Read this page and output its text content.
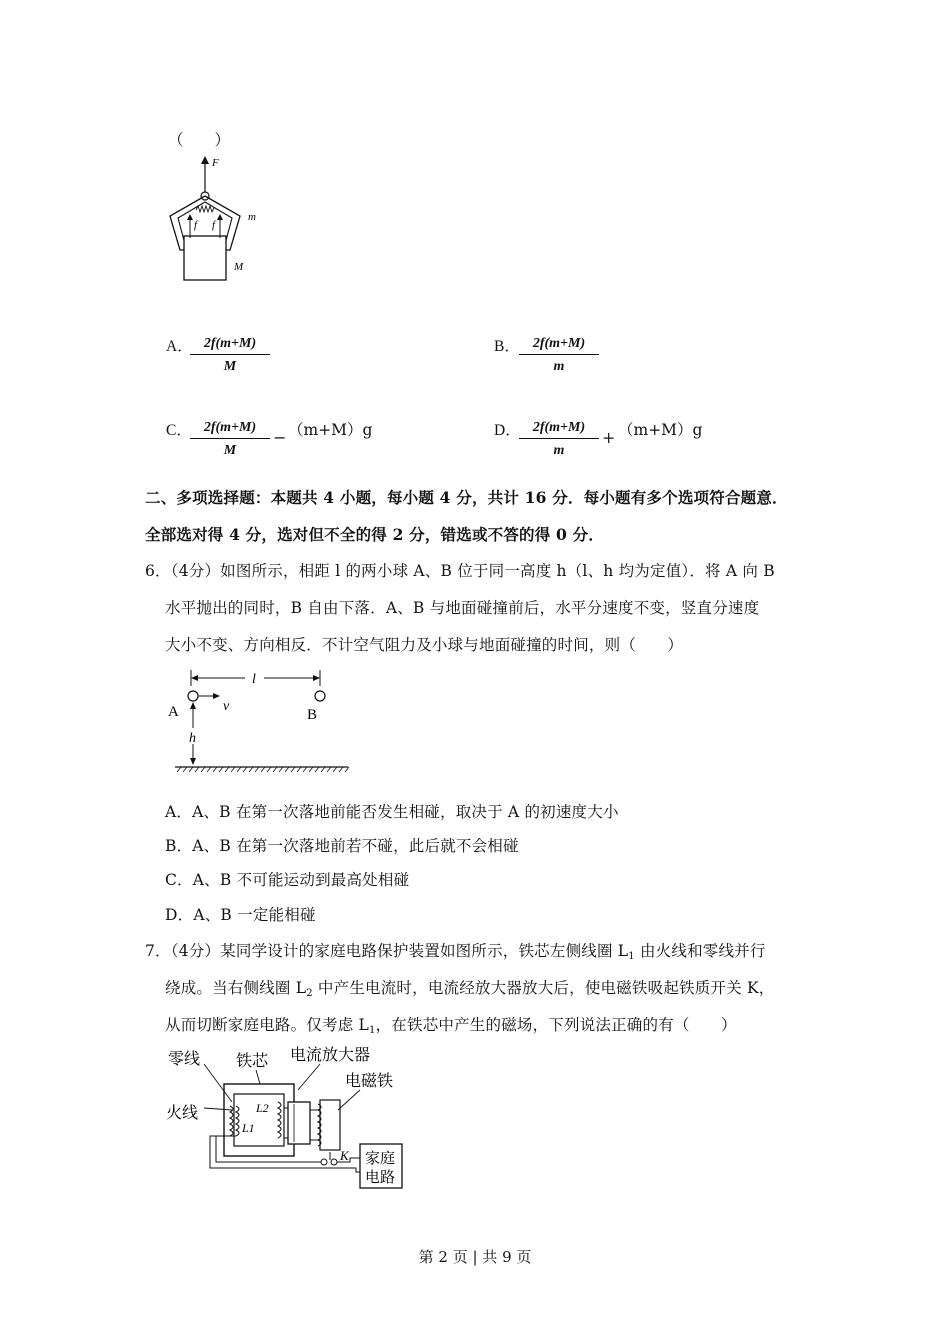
（　　）
F
f f
m
M
A．
$\frac{2f(m+M)}{M}$	B． $\frac{2f(m+M)}{m}$
C．
$\frac{2f(m+M)}{M} - (m+M)g$	D．
$\frac{2f(m+M)}{m} + (m+M)g$
二、多项选择题：本题共 4 小题，每小题 4 分，共计 16 分．每小题有多个选项符合题意．
全部选对得 4 分，选对但不全的得 2 分，错选或不答的得 0 分．
6．（4分）如图所示，相距 l 的两小球 A、B 位于同一高度 h（l、h 均为定值）．将 A 向 B
水平抛出的同时，B 自由下落．A、B 与地面碰撞前后，水平分速度不变，竖直分速度
大小不变、方向相反．不计空气阻力及小球与地面碰撞的时间，则（　　）
l
A	B
v
h
A．A、B 在第一次落地前能否发生相碰，取决于 A 的初速度大小
B．A、B 在第一次落地前若不碰，此后就不会相碰
C．A、B 不可能运动到最高处相碰
D．A、B 一定能相碰
7．（4分）某同学设计的家庭电路保护装置如图所示，铁芯左侧线圈 $L_1$ 由火线和零线并行
绕成。当右侧线圈 $L_2$ 中产生电流时，电流经放大器放大后，使电磁铁吸起铁质开关 K，
从而切断家庭电路。仅考虑 $L_1$，在铁芯中产生的磁场，下列说法正确的有（　　）
零线 铁芯 电流放大器
电磁铁
火线	L2
L1
K 家庭
电路
第 2 页 | 共 9 页
